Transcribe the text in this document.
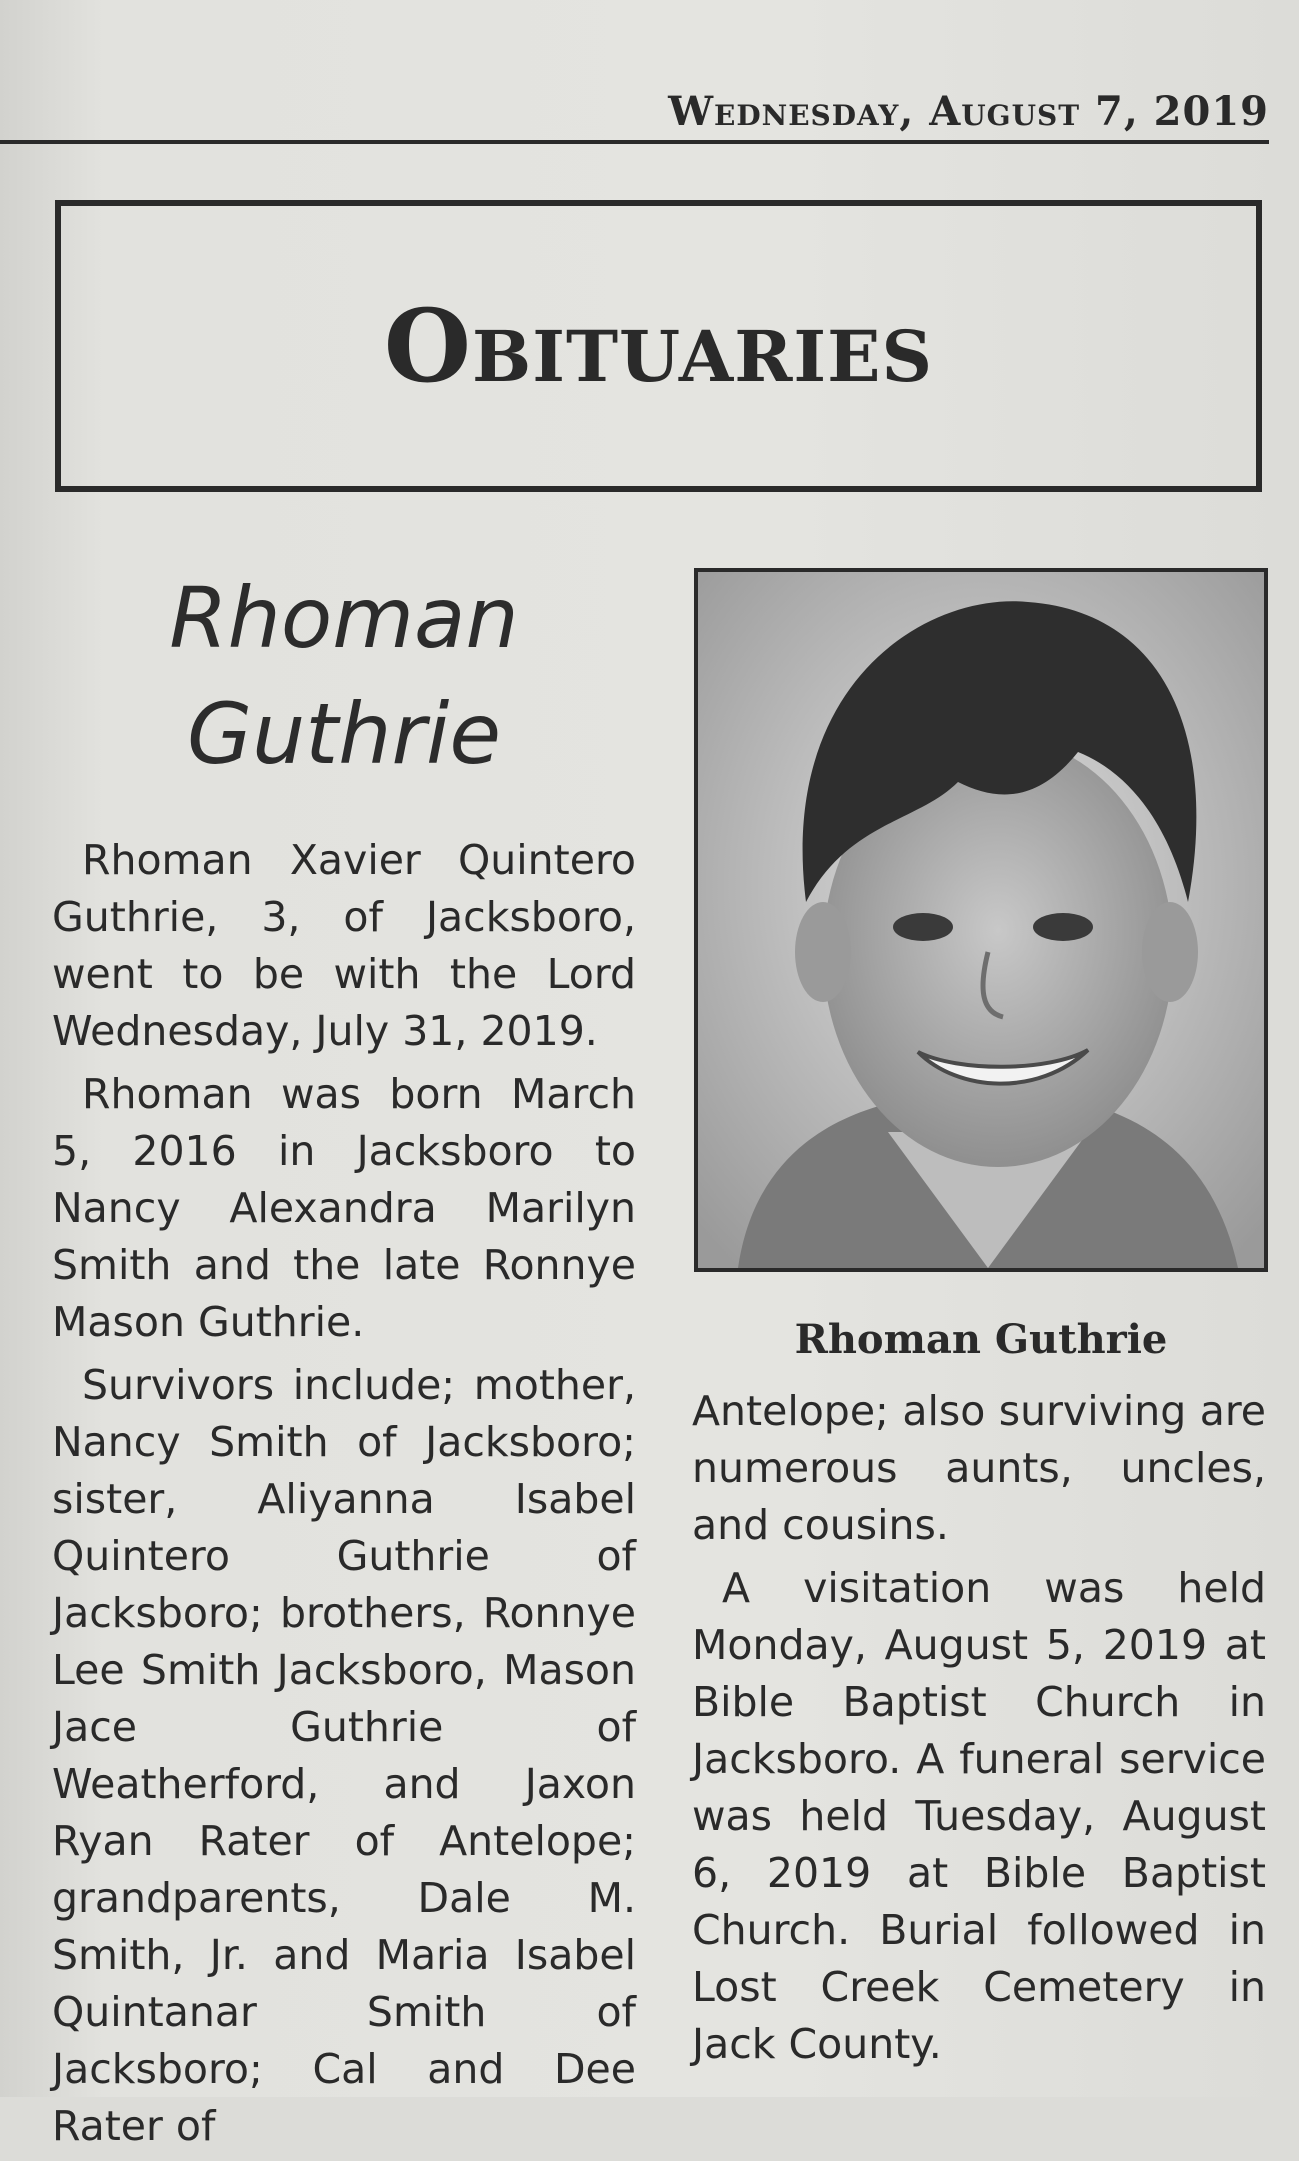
Wednesday, August 7, 2019
Obituaries
Rhoman
Guthrie

Rhoman Xavier Quintero Guthrie, 3, of Jacksboro, went to be with the Lord Wednesday, July 31, 2019.

Rhoman was born March 5, 2016 in Jacksboro to Nancy Alexandra Marilyn Smith and the late Ronnye Mason Guthrie.

Survivors include; mother, Nancy Smith of Jacksboro; sister, Aliyanna Isabel Quintero Guthrie of Jacksboro; brothers, Ronnye Lee Smith Jacksboro, Mason Jace Guthrie of Weatherford, and Jaxon Ryan Rater of Antelope; grandparents, Dale M. Smith, Jr. and Maria Isabel Quintanar Smith of Jacksboro; Cal and Dee Rater of

Rhoman Guthrie

Antelope; also surviving are numerous aunts, uncles, and cousins.

A visitation was held Monday, August 5, 2019 at Bible Baptist Church in Jacksboro. A funeral service was held Tuesday, August 6, 2019 at Bible Baptist Church. Burial followed in Lost Creek Cemetery in Jack County.
